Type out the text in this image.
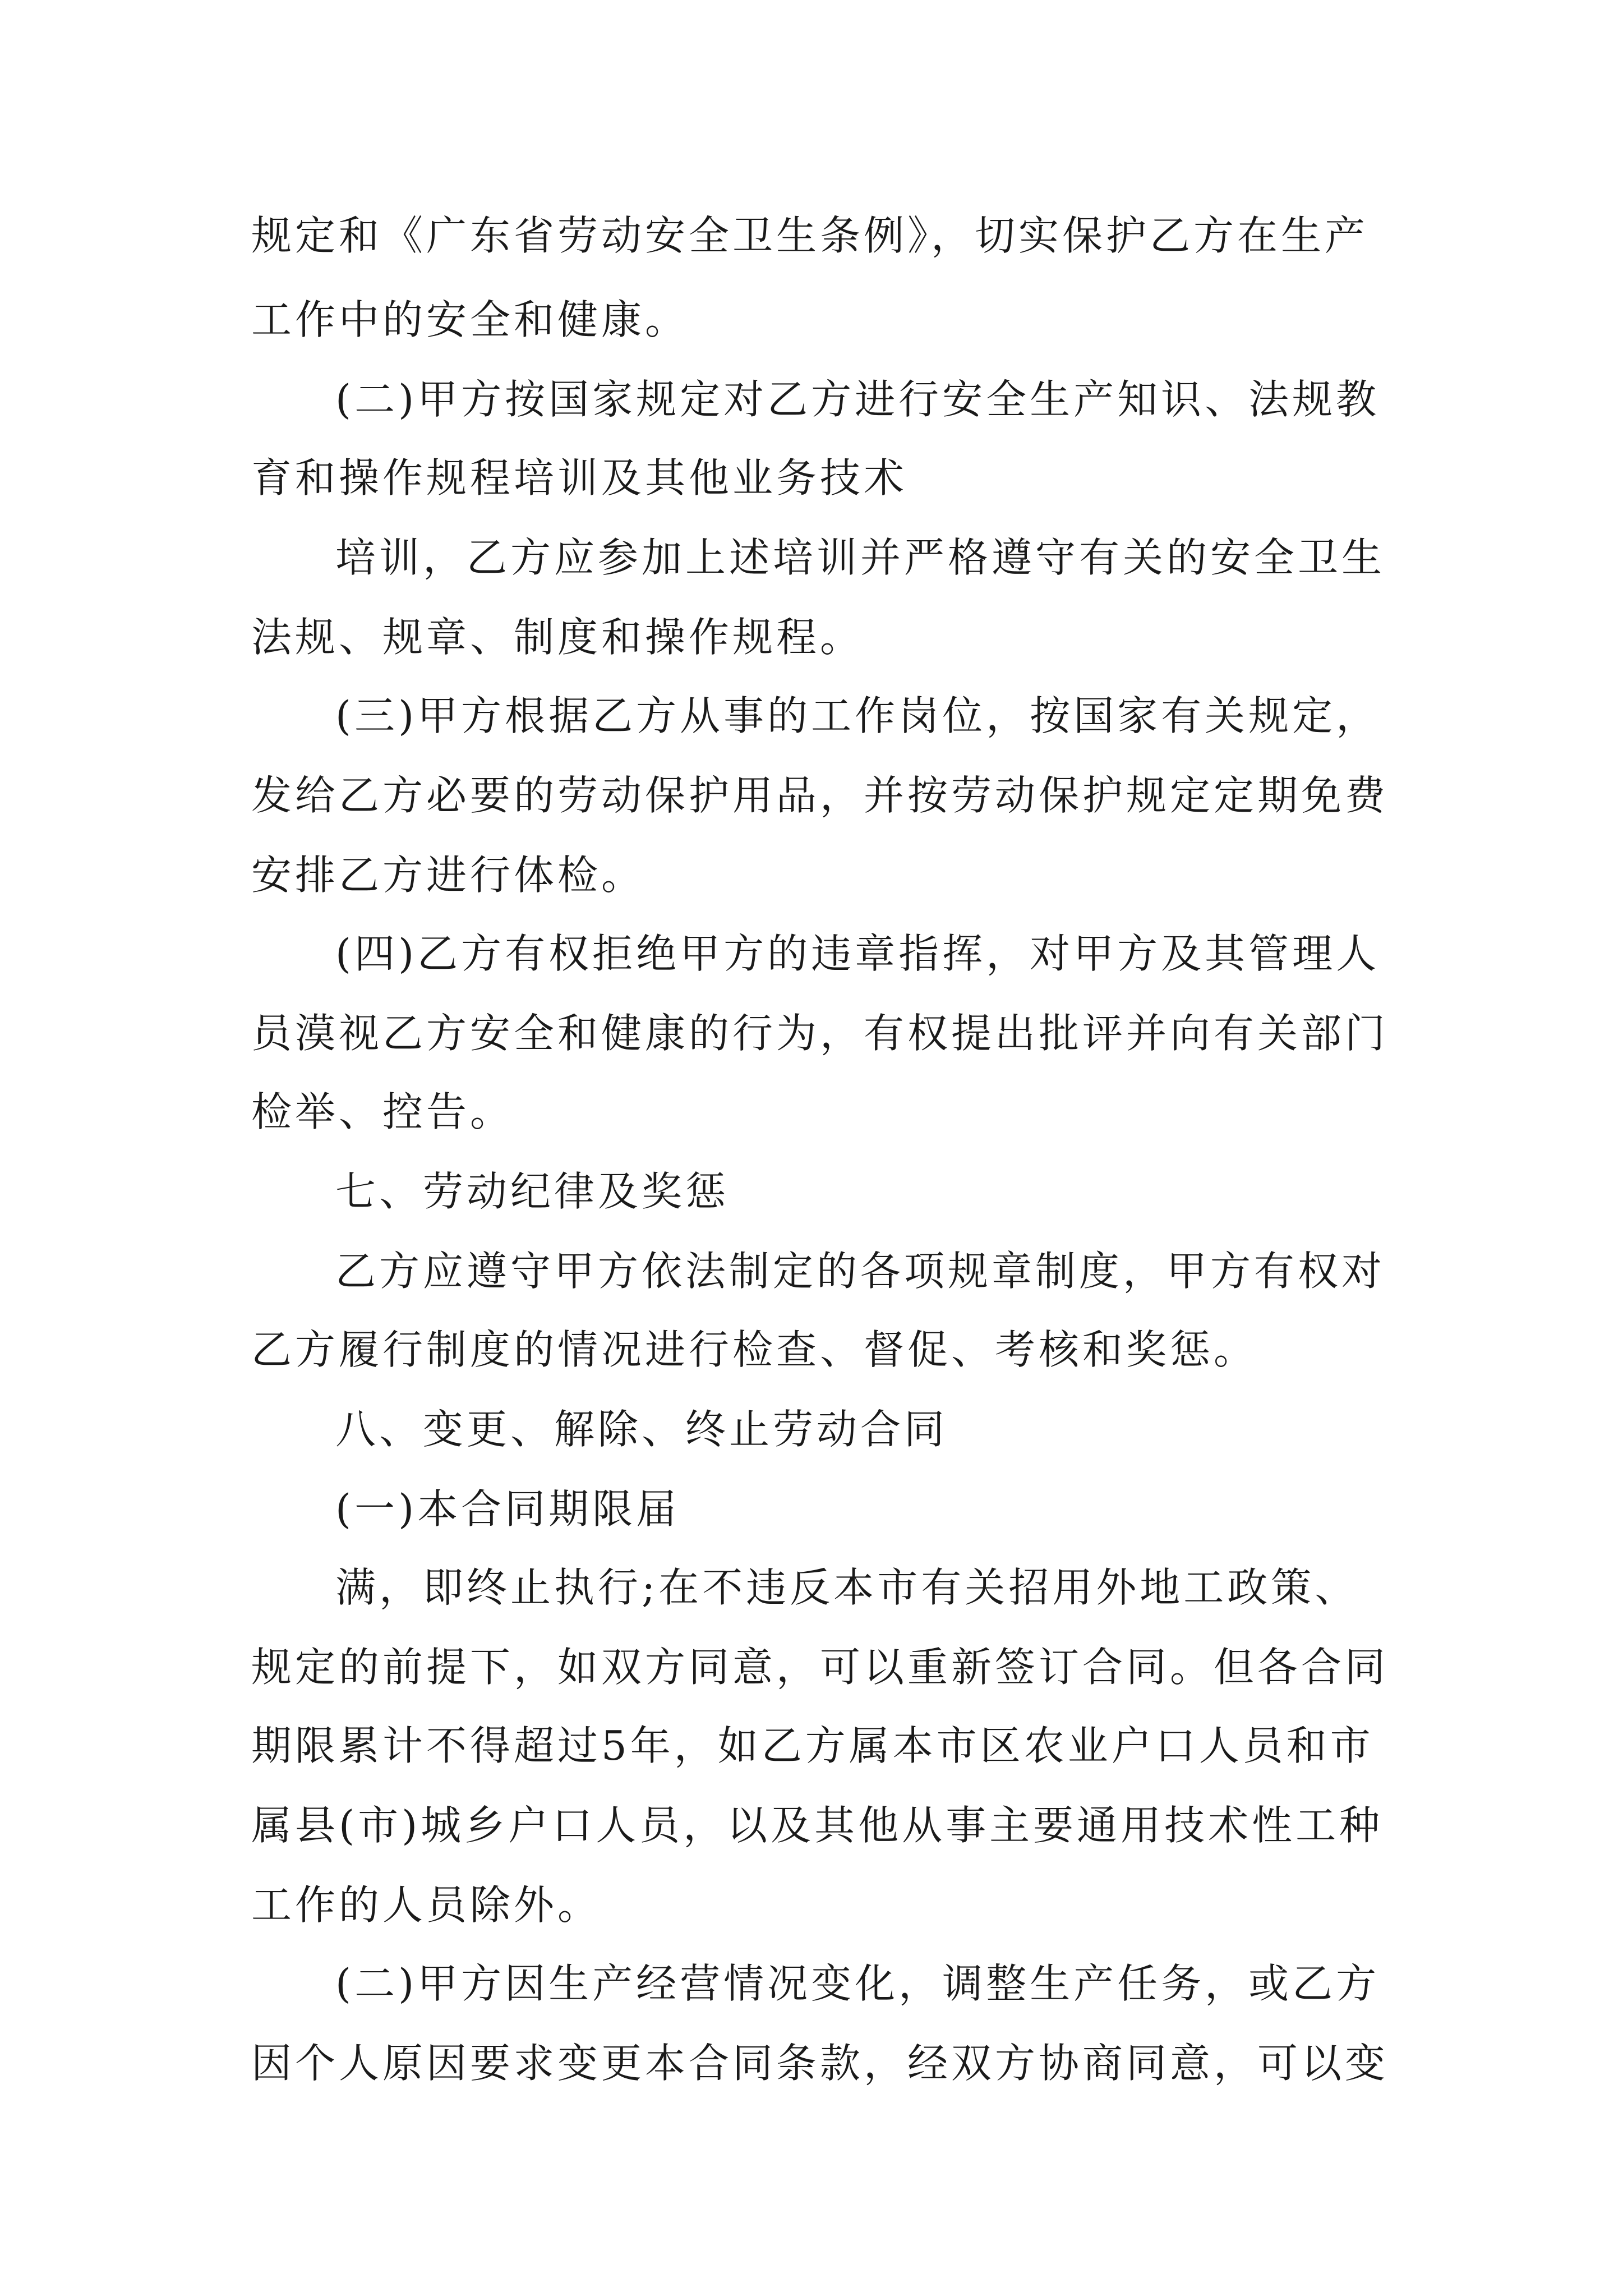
规定和《广东省劳动安全卫生条例》，切实保护乙方在生产

工作中的安全和健康。

(二)甲方按国家规定对乙方进行安全生产知识、法规教

育和操作规程培训及其他业务技术

培训，乙方应参加上述培训并严格遵守有关的安全卫生

法规、规章、制度和操作规程。

(三)甲方根据乙方从事的工作岗位，按国家有关规定，

发给乙方必要的劳动保护用品，并按劳动保护规定定期免费

安排乙方进行体检。

(四)乙方有权拒绝甲方的违章指挥，对甲方及其管理人

员漠视乙方安全和健康的行为，有权提出批评并向有关部门

检举、控告。

七、劳动纪律及奖惩

乙方应遵守甲方依法制定的各项规章制度，甲方有权对

乙方履行制度的情况进行检查、督促、考核和奖惩。

八、变更、解除、终止劳动合同

(一)本合同期限届

满，即终止执行;在不违反本市有关招用外地工政策、

规定的前提下，如双方同意，可以重新签订合同。但各合同

期限累计不得超过5年，如乙方属本市区农业户口人员和市

属县(市)城乡户口人员，以及其他从事主要通用技术性工种

工作的人员除外。

(二)甲方因生产经营情况变化，调整生产任务，或乙方

因个人原因要求变更本合同条款，经双方协商同意，可以变
